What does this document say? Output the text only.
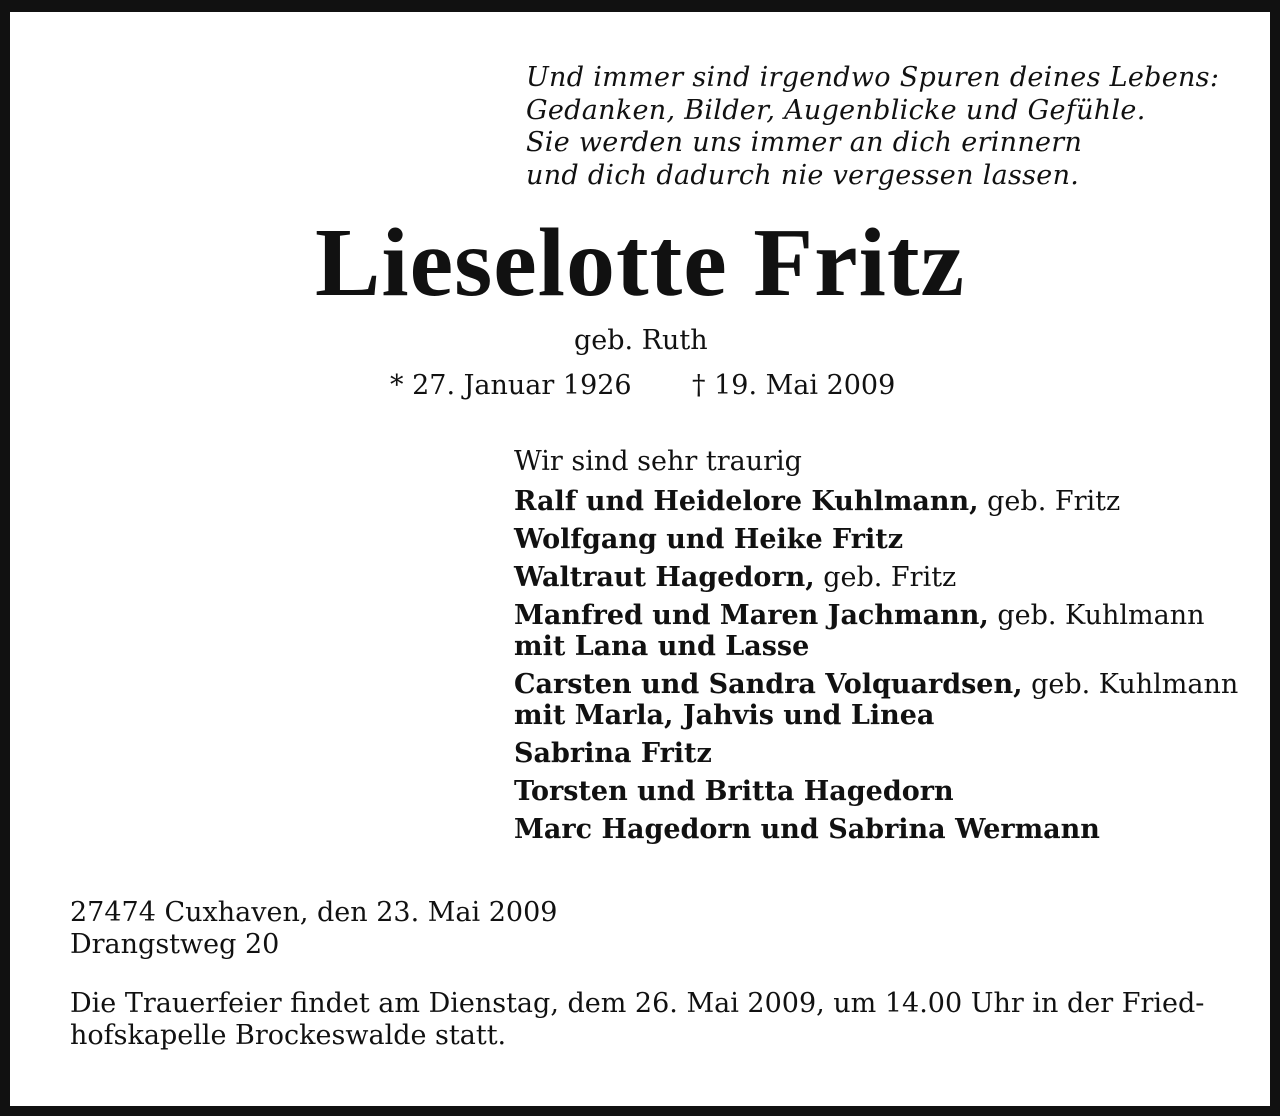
Und immer sind irgendwo Spuren deines Lebens:
Gedanken, Bilder, Augenblicke und Gefühle.
Sie werden uns immer an dich erinnern
und dich dadurch nie vergessen lassen.
Lieselotte Fritz
geb. Ruth
* 27. Januar 1926 † 19. Mai 2009
Wir sind sehr traurig
Ralf und Heidelore Kuhlmann, geb. Fritz
Wolfgang und Heike Fritz
Waltraut Hagedorn, geb. Fritz
Manfred und Maren Jachmann, geb. Kuhlmann
mit Lana und Lasse
Carsten und Sandra Volquardsen, geb. Kuhlmann
mit Marla, Jahvis und Linea
Sabrina Fritz
Torsten und Britta Hagedorn
Marc Hagedorn und Sabrina Wermann
27474 Cuxhaven, den 23. Mai 2009
Drangstweg 20
Die Trauerfeier findet am Dienstag, dem 26. Mai 2009, um 14.00 Uhr in der Fried-
hofskapelle Brockeswalde statt.
